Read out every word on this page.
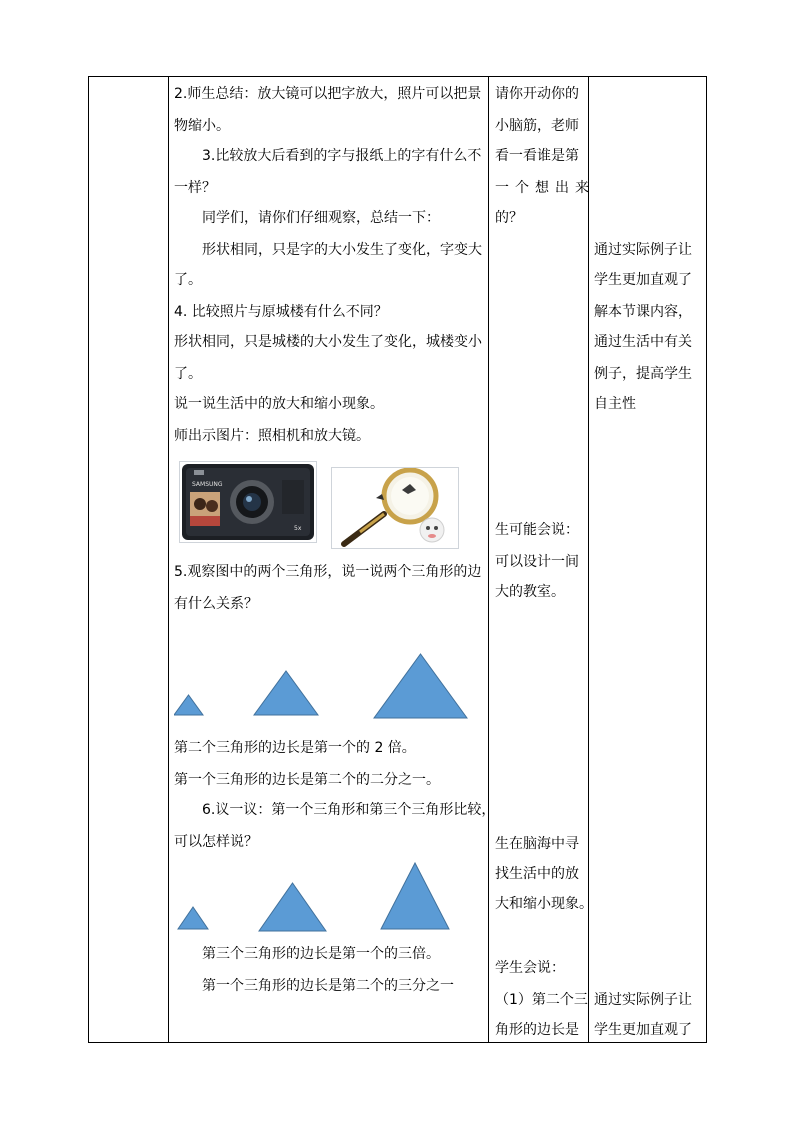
2.师生总结：放大镜可以把字放大，照片可以把景
物缩小。
3.比较放大后看到的字与报纸上的字有什么不
一样？
同学们，请你们仔细观察，总结一下：
形状相同，只是字的大小发生了变化，字变大
了。
4. 比较照片与原城楼有什么不同？
形状相同，只是城楼的大小发生了变化，城楼变小
了。
说一说生活中的放大和缩小现象。
师出示图片：照相机和放大镜。
SAMSUNG
5x
5.观察图中的两个三角形，说一说两个三角形的边
有什么关系？
第二个三角形的边长是第一个的 2 倍。
第一个三角形的边长是第二个的二分之一。
6.议一议：第一个三角形和第三个三角形比较，
可以怎样说？
第三个三角形的边长是第一个的三倍。
第一个三角形的边长是第二个的三分之一
请你开动你的
小脑筋，老师
看一看谁是第
一个想出来
的？
生可能会说：
可以设计一间
大的教室。
生在脑海中寻
找生活中的放
大和缩小现象。
学生会说：
（1）第二个三
角形的边长是
通过实际例子让
学生更加直观了
解本节课内容，
通过生活中有关
例子，提高学生
自主性
通过实际例子让
学生更加直观了
